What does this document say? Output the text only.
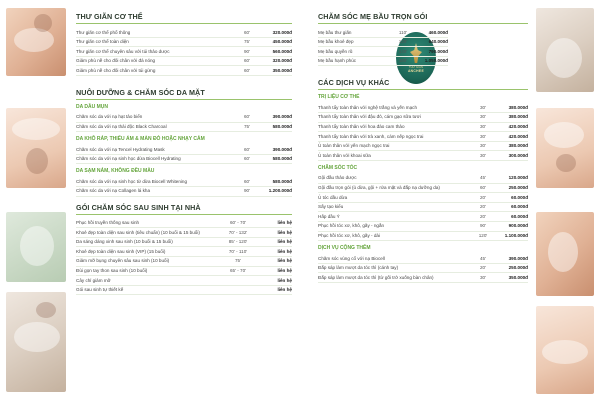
THƯ GIÃN
ANCHEE
THƯ GIÃN CƠ THỂ
Thư giãn cơ thể phổ thông	60'	320.000đ
Thư giãn cơ thể toàn diện	75'	450.000đ
Thư giãn cơ thể chuyên sâu với túi thảo dược	90'	560.000đ
Giảm phù nề cho đôi chân với đá nóng	60'	320.000đ
Giảm phù nề cho đôi chân với túi gừng	60'	350.000đ
NUÔI DƯỠNG & CHĂM SÓC DA MẶT
DA DẦU MỤN
Chăm sóc da với nạ hạt tảo biển	60'	390.000đ
Chăm sóc da với nạ thải độc Black Charcoal	75'	580.000đ
DA KHÔ RÁP, THIẾU ẨM & MẨN ĐỎ HOẶC NHẠY CẢM
Chăm sóc da với nạ Tencel Hydrating Mask	60'	390.000đ
Chăm sóc da với nạ sinh học dừa Biocell Hydrating	60'	580.000đ
DA SẠM NÁM, KHÔNG ĐỀU MÀU
Chăm sóc da với nạ sinh học từ dừa Biocell Whitening	60'	580.000đ
Chăm sóc da với nạ Collagen lá kha	90'	1.200.000đ
GÓI CHĂM SÓC SAU SINH TẠI NHÀ
Phục hồi truyền thống sau sinh	60' - 70'	liên hệ
Khoẻ đẹp toàn diện sau sinh (tiêu chuẩn) (10 buổi & 15 buổi)	70' - 132'	liên hệ
Da sáng dáng xinh sau sinh (10 buổi & 15 buổi)	85' - 120'	liên hệ
Khoẻ đẹp toàn diện sau sinh (VIP) (15 buổi)	70' - 110'	liên hệ
Giảm mỡ bụng chuyên sâu sau sinh (10 buổi)	75'	liên hệ
Đùi gọn tay thon sau sinh (10 buổi)	65' - 70'	liên hệ
Cây chỉ giảm mỡ	liên hệ
Gói sau sinh tự thiết kế	liên hệ
CHĂM SÓC MẸ BẦU TRỌN GÓI
Mẹ bầu thư giãn	110'	460.000đ
Mẹ bầu khoẻ đẹp	125'	640.000đ
Mẹ bầu quyền rũ	145'	790.000đ
Mẹ bầu hạnh phúc	185'	1.050.000đ
CÁC DỊCH VỤ KHÁC
TRỊ LIỆU CƠ THỂ
Thanh tẩy toàn thân với nghệ trắng và yến mạch	30'	380.000đ
Thanh tẩy toàn thân với đậu đỏ, cám gạo sữa tươi	30'	380.000đ
Thanh tẩy toàn thân với hoa đào cam thảo	30'	420.000đ
Thanh tẩy toàn thân với trà xanh, cám nếp ngọc trai	30'	420.000đ
Ủ toàn thân với yến mạch ngọc trai	30'	380.000đ
Ủ toàn thân với khoai sữa	30'	300.000đ
CHĂM SÓC TÓC
Gội đầu thảo dược	45'	120.000đ
Gội đầu trọn gói (ủ dừa, gội + rửa mặt và đắp nạ dưỡng da)	60'	250.000đ
Ủ tóc dầu dừa	20'	60.000đ
Sấy tạo kiểu	20'	60.000đ
Hấp dầu Ý	20'	60.000đ
Phục hồi tóc xơ, khô, gãy - ngắn	90'	900.000đ
Phục hồi tóc xơ, khô, gãy - dài	120'	1.100.000đ
DỊCH VỤ CỘNG THÊM
Chăm sóc vùng cổ với nạ Biocell	45'	390.000đ
Đắp sáp làm mượt da tóc thì (cánh tay)	20'	250.000đ
Đắp sáp làm mượt da tóc thì (từ gối trở xuống bàn chân)	30'	350.000đ
